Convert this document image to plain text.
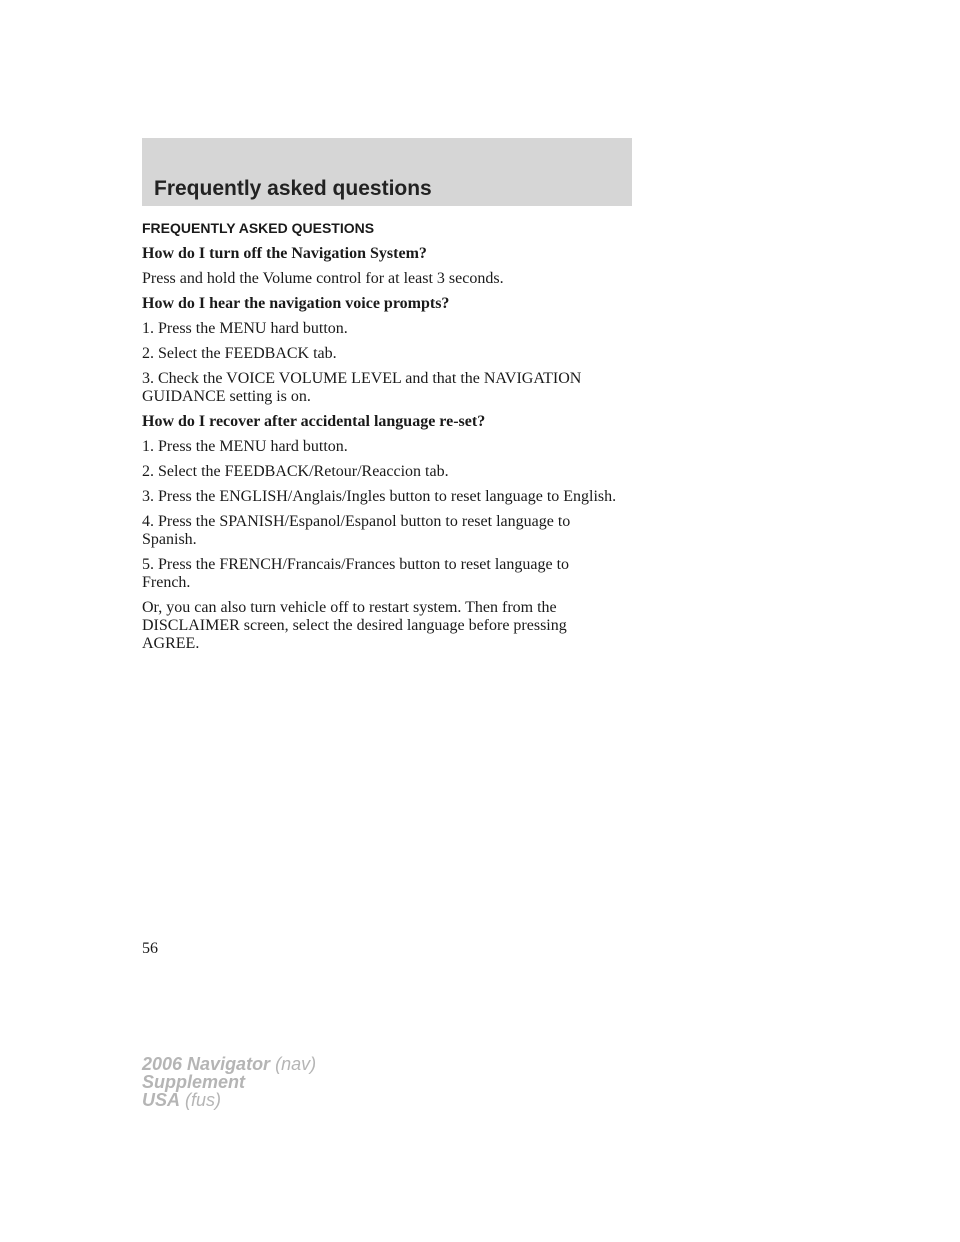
Frequently asked questions
FREQUENTLY ASKED QUESTIONS

How do I turn off the Navigation System?

Press and hold the Volume control for at least 3 seconds.

How do I hear the navigation voice prompts?

1. Press the MENU hard button.

2. Select the FEEDBACK tab.

3. Check the VOICE VOLUME LEVEL and that the NAVIGATION GUIDANCE setting is on.

How do I recover after accidental language re-set?

1. Press the MENU hard button.

2. Select the FEEDBACK/Retour/Reaccion tab.

3. Press the ENGLISH/Anglais/Ingles button to reset language to English.

4. Press the SPANISH/Espanol/Espanol button to reset language to Spanish.

5. Press the FRENCH/Francais/Frances button to reset language to French.

Or, you can also turn vehicle off to restart system. Then from the DISCLAIMER screen, select the desired language before pressing AGREE.

56
2006 Navigator (nav)
Supplement
USA (fus)
